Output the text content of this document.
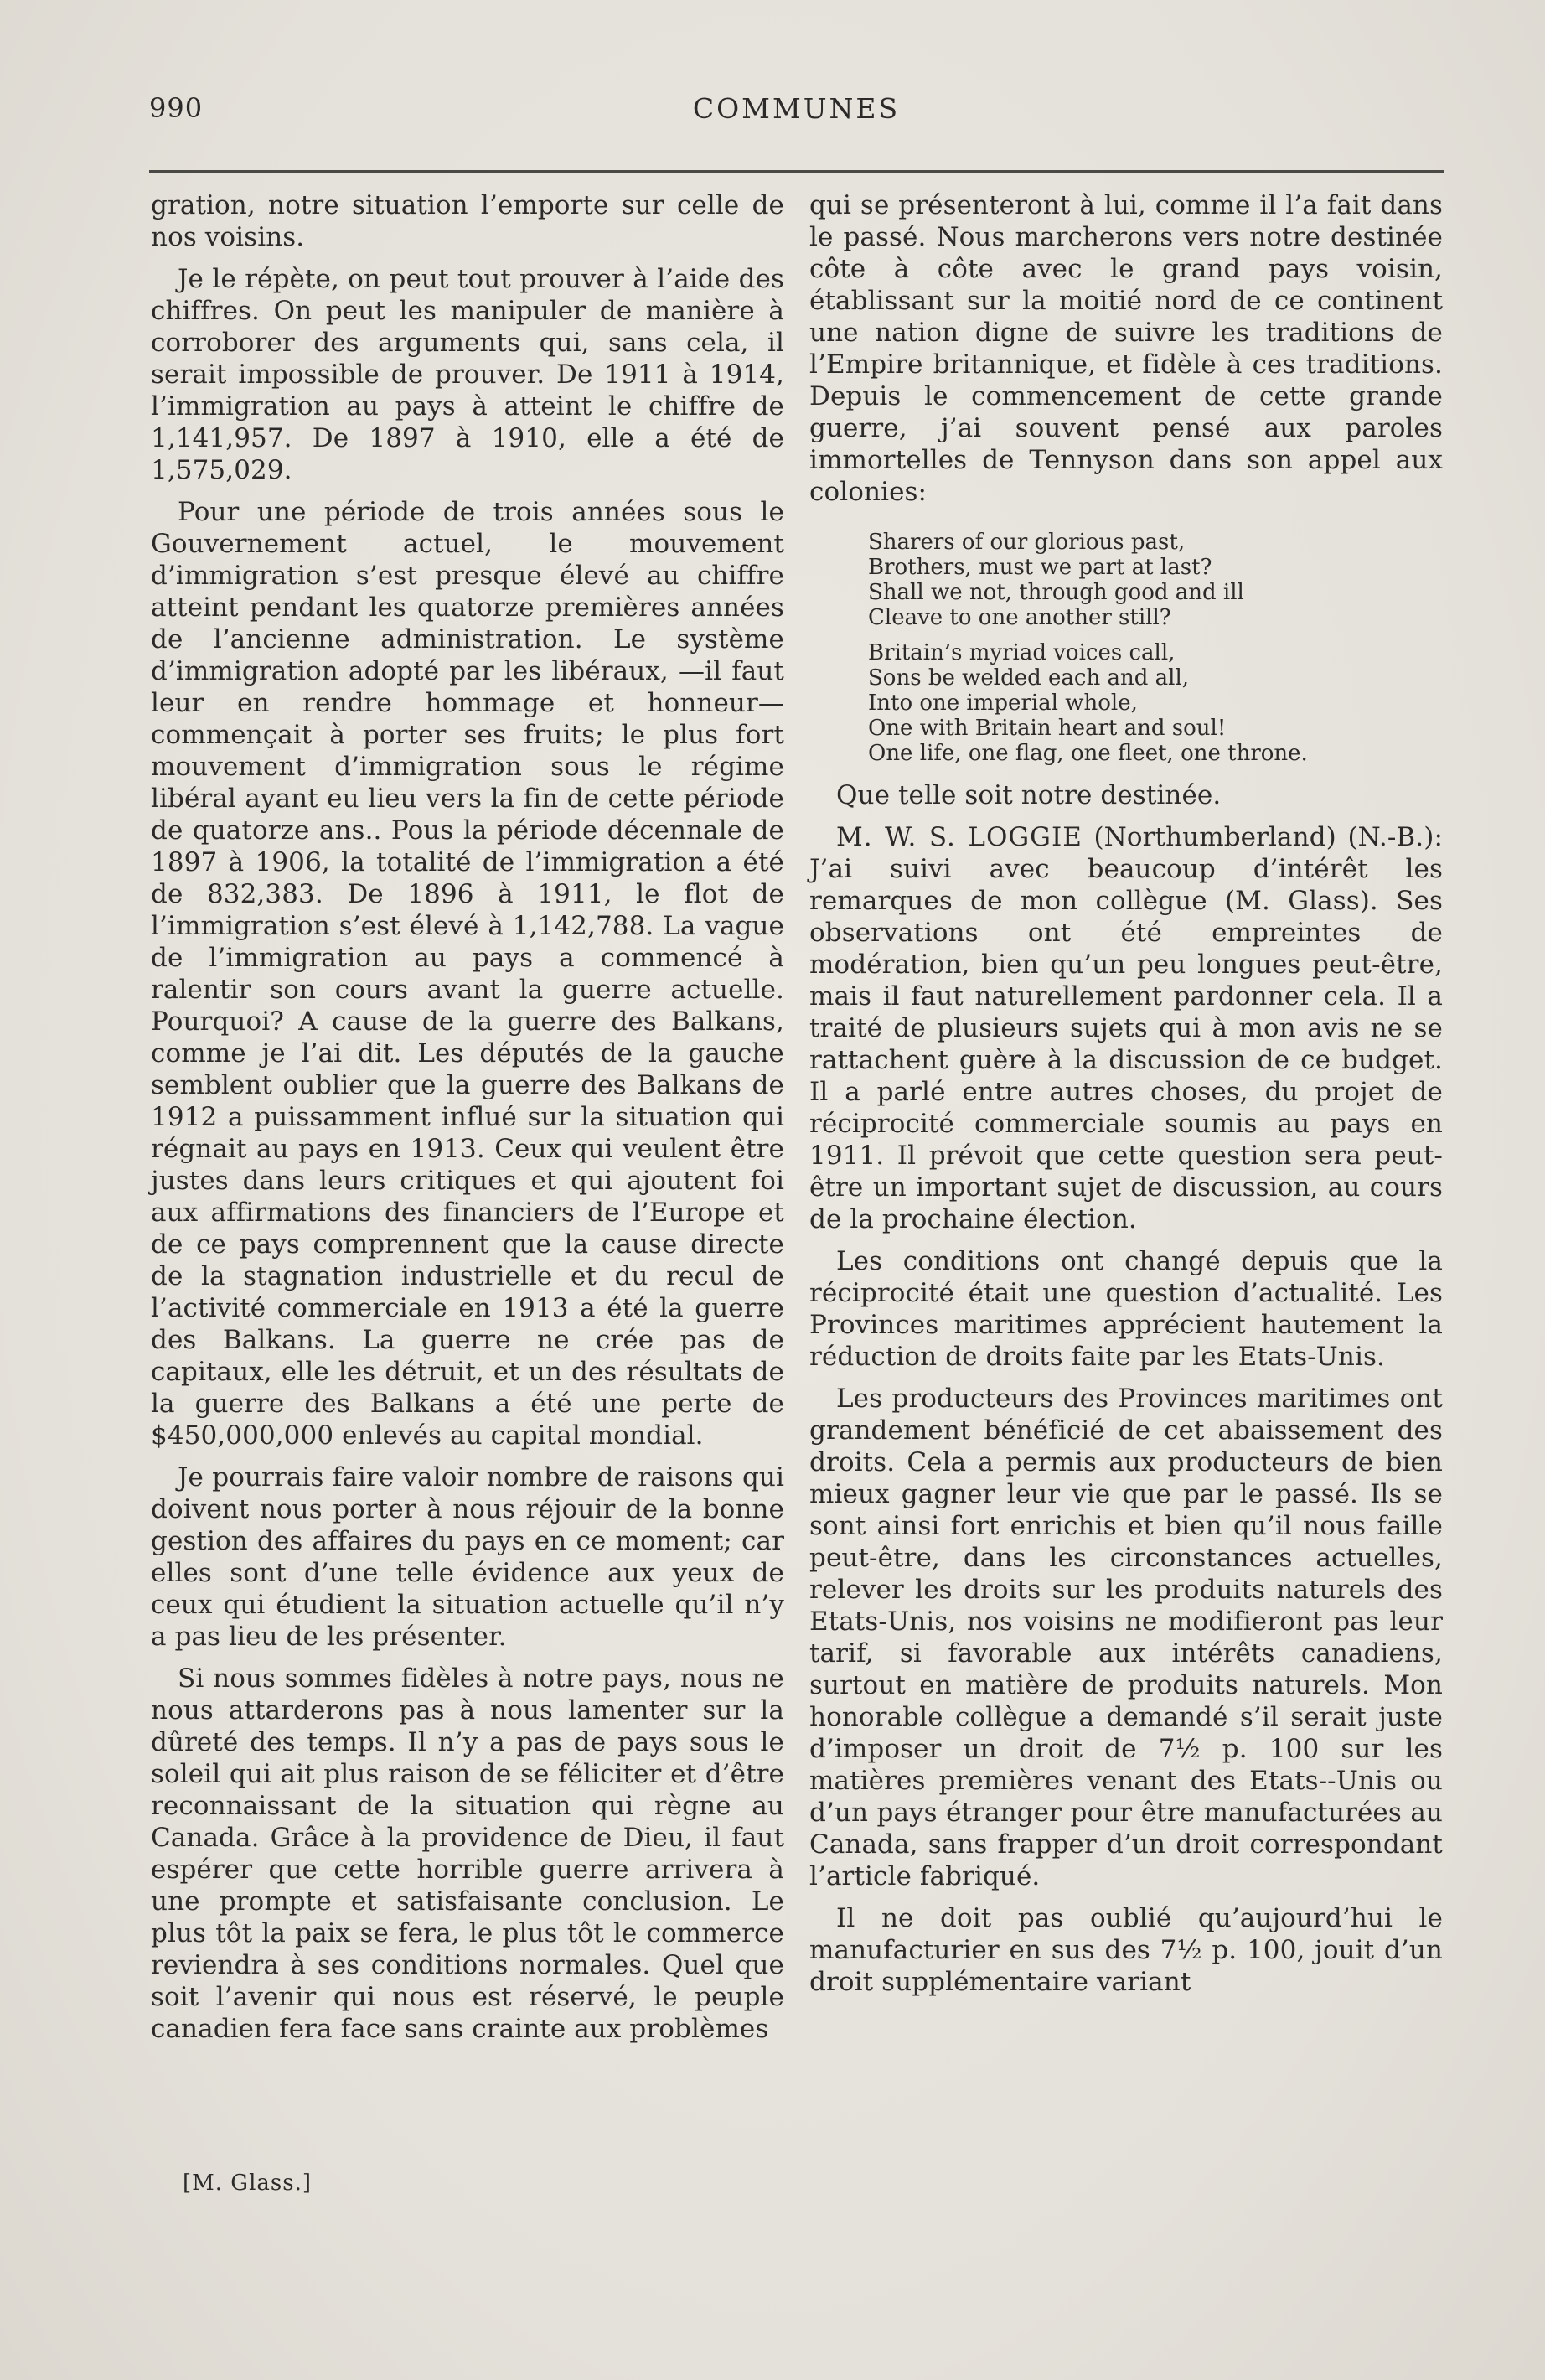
990	COMMUNES

gration, notre situation l’emporte sur celle de nos voisins.

Je le répète, on peut tout prouver à l’aide des chiffres. On peut les manipuler de manière à corroborer des arguments qui, sans cela, il serait impossible de prouver. De 1911 à 1914, l’immigration au pays à atteint le chiffre de 1,141,957. De 1897 à 1910, elle a été de 1,575,029.

Pour une période de trois années sous le Gouvernement actuel, le mouvement d’immigration s’est presque élevé au chiffre atteint pendant les quatorze premières années de l’ancienne administration. Le système d’immigration adopté par les libéraux, —il faut leur en rendre hommage et honneur—commençait à porter ses fruits; le plus fort mouvement d’immigration sous le régime libéral ayant eu lieu vers la fin de cette période de quatorze ans.. Pous la période décennale de 1897 à 1906, la totalité de l’immigration a été de 832,383. De 1896 à 1911, le flot de l’immigration s’est élevé à 1,142,788. La vague de l’immigration au pays a commencé à ralentir son cours avant la guerre actuelle. Pourquoi? A cause de la guerre des Balkans, comme je l’ai dit. Les députés de la gauche semblent oublier que la guerre des Balkans de 1912 a puissamment influé sur la situation qui régnait au pays en 1913. Ceux qui veulent être justes dans leurs critiques et qui ajoutent foi aux affirmations des financiers de l’Europe et de ce pays comprennent que la cause directe de la stagnation industrielle et du recul de l’activité commerciale en 1913 a été la guerre des Balkans. La guerre ne crée pas de capitaux, elle les détruit, et un des résultats de la guerre des Balkans a été une perte de $450,000,000 enlevés au capital mondial.

Je pourrais faire valoir nombre de raisons qui doivent nous porter à nous réjouir de la bonne gestion des affaires du pays en ce moment; car elles sont d’une telle évidence aux yeux de ceux qui étudient la situation actuelle qu’il n’y a pas lieu de les présenter.

Si nous sommes fidèles à notre pays, nous ne nous attarderons pas à nous lamenter sur la dûreté des temps. Il n’y a pas de pays sous le soleil qui ait plus raison de se féliciter et d’être reconnaissant de la situation qui règne au Canada. Grâce à la providence de Dieu, il faut espérer que cette horrible guerre arrivera à une prompte et satisfaisante conclusion. Le plus tôt la paix se fera, le plus tôt le commerce reviendra à ses conditions normales. Quel que soit l’avenir qui nous est réservé, le peuple canadien fera face sans crainte aux problèmes

qui se présenteront à lui, comme il l’a fait dans le passé. Nous marcherons vers notre destinée côte à côte avec le grand pays voisin, établissant sur la moitié nord de ce continent une nation digne de suivre les traditions de l’Empire britannique, et fidèle à ces traditions. Depuis le commencement de cette grande guerre, j’ai souvent pensé aux paroles immortelles de Tennyson dans son appel aux colonies:

Sharers of our glorious past,
Brothers, must we part at last?
Shall we not, through good and ill
Cleave to one another still?
Britain’s myriad voices call,
Sons be welded each and all,
Into one imperial whole,
One with Britain heart and soul!
One life, one flag, one fleet, one throne.

Que telle soit notre destinée.

M. W. S. LOGGIE (Northumberland) (N.-B.): J’ai suivi avec beaucoup d’intérêt les remarques de mon collègue (M. Glass). Ses observations ont été empreintes de modération, bien qu’un peu longues peut-être, mais il faut naturellement pardonner cela. Il a traité de plusieurs sujets qui à mon avis ne se rattachent guère à la discussion de ce budget. Il a parlé entre autres choses, du projet de réciprocité commerciale soumis au pays en 1911. Il prévoit que cette question sera peut-être un important sujet de discussion, au cours de la prochaine élection.

Les conditions ont changé depuis que la réciprocité était une question d’actualité. Les Provinces maritimes apprécient hautement la réduction de droits faite par les Etats-Unis.

Les producteurs des Provinces maritimes ont grandement bénéficié de cet abaissement des droits. Cela a permis aux producteurs de bien mieux gagner leur vie que par le passé. Ils se sont ainsi fort enrichis et bien qu’il nous faille peut-être, dans les circonstances actuelles, relever les droits sur les produits naturels des Etats-Unis, nos voisins ne modifieront pas leur tarif, si favorable aux intérêts canadiens, surtout en matière de produits naturels. Mon honorable collègue a demandé s’il serait juste d’imposer un droit de 7½ p. 100 sur les matières premières venant des Etats--Unis ou d’un pays étranger pour être manufacturées au Canada, sans frapper d’un droit correspondant l’article fabriqué.

Il ne doit pas oublié qu’aujourd’hui le manufacturier en sus des 7½ p. 100, jouit d’un droit supplémentaire variant

[M. Glass.]
